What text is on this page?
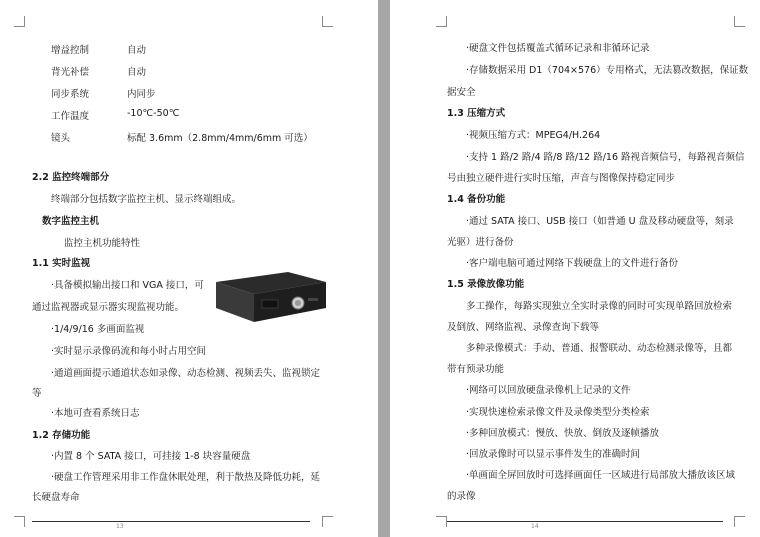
增益控制	自动
背光补偿	自动
同步系统	内同步
工作温度	-10℃-50℃
镜头	标配 3.6mm（2.8mm/4mm/6mm 可选）
2.2 监控终端部分
终端部分包括数字监控主机、显示终端组成。
数字监控主机
监控主机功能特性
1.1 实时监视
·具备模拟输出接口和 VGA 接口，可
通过监视器或显示器实现监视功能。
·1/4/9/16 多画面监视
·实时显示录像码流和每小时占用空间
·通道画面提示通道状态如录像、动态检测、视频丢失、监视锁定
等
·本地可查看系统日志
1.2 存储功能
·内置 8 个 SATA 接口，可挂接 1-8 块容量硬盘
·硬盘工作管理采用非工作盘休眠处理，利于散热及降低功耗，延
长硬盘寿命
13
·硬盘文件包括覆盖式循环记录和非循环记录
·存储数据采用 D1（704×576）专用格式，无法篡改数据，保证数
据安全
1.3 压缩方式
·视频压缩方式：MPEG4/H.264
·支持 1 路/2 路/4 路/8 路/12 路/16 路视音频信号，每路视音频信
号由独立硬件进行实时压缩，声音与图像保持稳定同步
1.4 备份功能
·通过 SATA 接口、USB 接口（如普通 U 盘及移动硬盘等，刻录
光驱）进行备份
·客户端电脑可通过网络下载硬盘上的文件进行备份
1.5 录像放像功能
多工操作，每路实现独立全实时录像的同时可实现单路回放检索
及倒放、网络监视、录像查询下载等
多种录像模式：手动、普通、报警联动、动态检测录像等，且都
带有预录功能
·网络可以回放硬盘录像机上记录的文件
·实现快速检索录像文件及录像类型分类检索
·多种回放模式：慢放、快放、倒放及逐帧播放
·回放录像时可以显示事件发生的准确时间
·单画面全屏回放时可选择画面任一区域进行局部放大播放该区域
的录像
14
